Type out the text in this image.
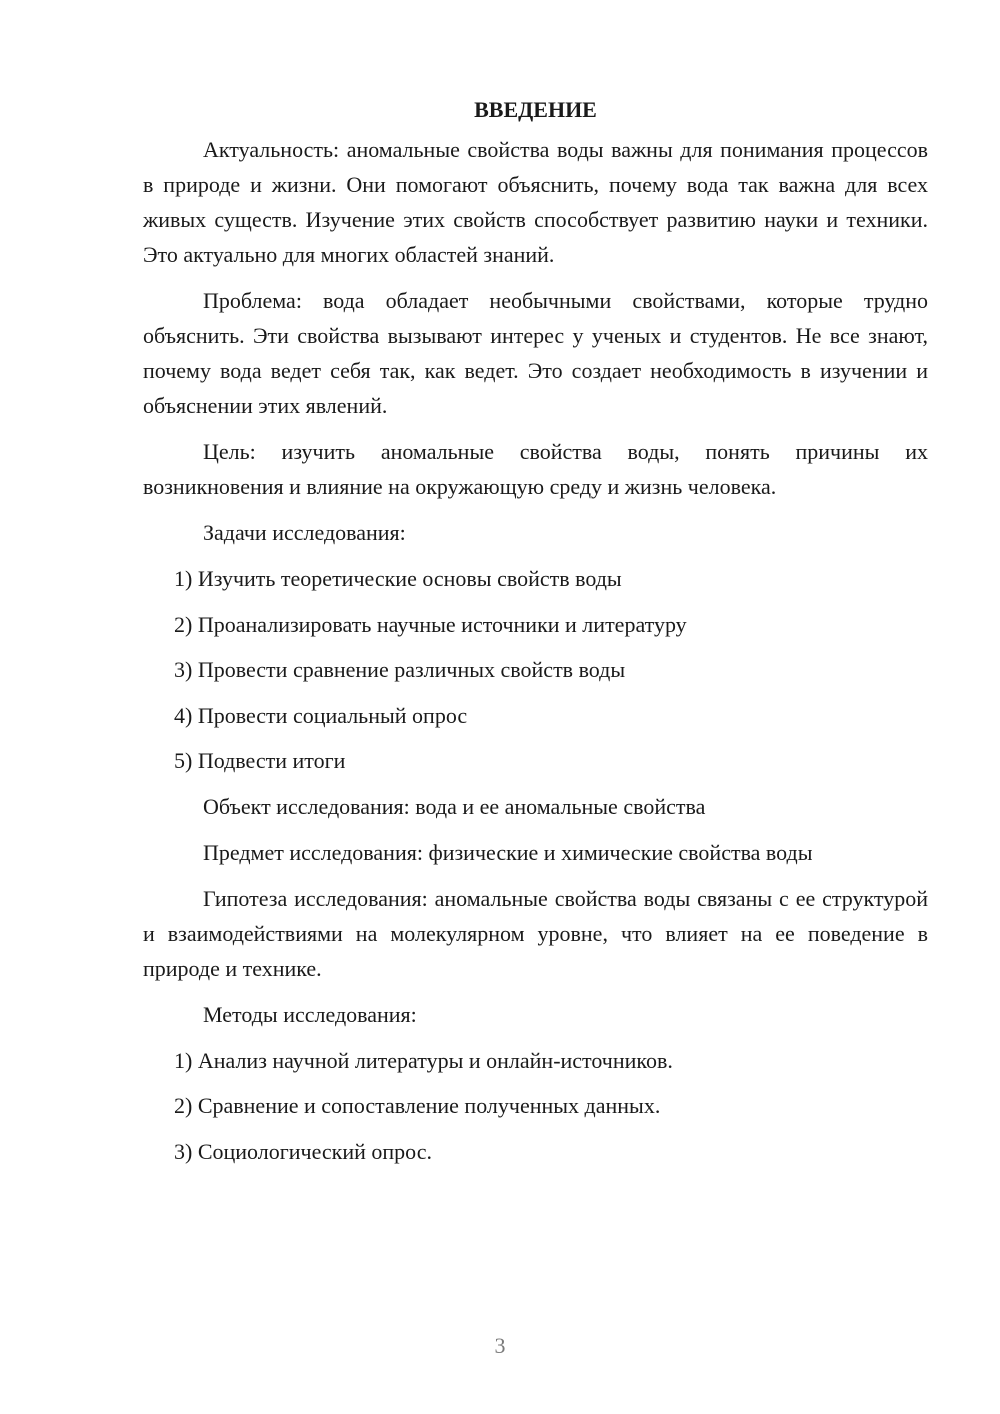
ВВЕДЕНИЕ

Актуальность: аномальные свойства воды важны для понимания процессов в природе и жизни. Они помогают объяснить, почему вода так важна для всех живых существ. Изучение этих свойств способствует развитию науки и техники. Это актуально для многих областей знаний.

Проблема: вода обладает необычными свойствами, которые трудно объяснить. Эти свойства вызывают интерес у ученых и студентов. Не все знают, почему вода ведет себя так, как ведет. Это создает необходимость в изучении и объяснении этих явлений.

Цель: изучить аномальные свойства воды, понять причины их возникновения и влияние на окружающую среду и жизнь человека.

Задачи исследования:

1) Изучить теоретические основы свойств воды

2) Проанализировать научные источники и литературу

3) Провести сравнение различных свойств воды

4) Провести социальный опрос

5) Подвести итоги

Объект исследования: вода и ее аномальные свойства

Предмет исследования: физические и химические свойства воды

Гипотеза исследования: аномальные свойства воды связаны с ее структурой и взаимодействиями на молекулярном уровне, что влияет на ее поведение в природе и технике.

Методы исследования:

1) Анализ научной литературы и онлайн-источников.

2) Сравнение и сопоставление полученных данных.

3) Социологический опрос.

3
